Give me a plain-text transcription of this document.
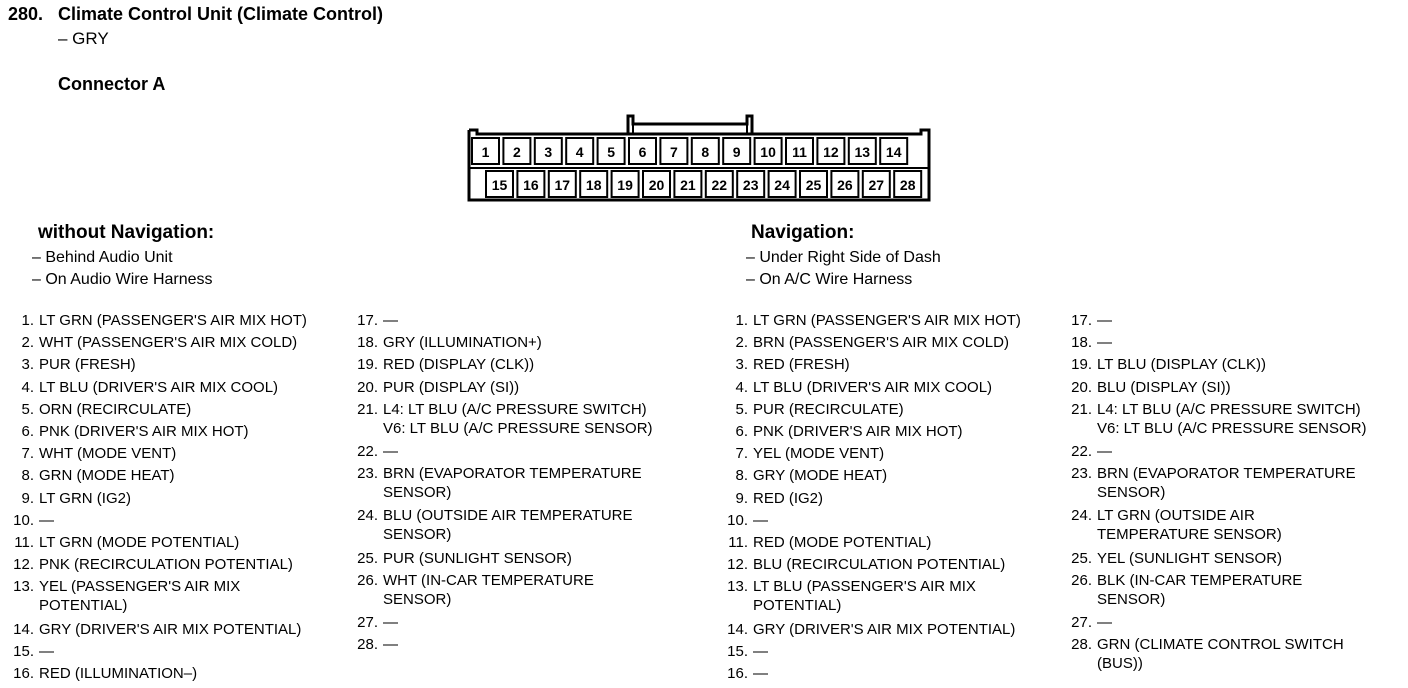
280. Climate Control Unit (Climate Control)
– GRY
Connector A
1 2 3 4 5 6 7 8 9 10 11 12 13 14
15 16 17 18 19 20 21 22 23 24 25 26 27 28
without Navigation:
– Behind Audio Unit
– On Audio Wire Harness
Navigation:
– Under Right Side of Dash
– On A/C Wire Harness
1. LT GRN (PASSENGER'S AIR MIX HOT)
2. WHT (PASSENGER'S AIR MIX COLD)
3. PUR (FRESH)
4. LT BLU (DRIVER'S AIR MIX COOL)
5. ORN (RECIRCULATE)
6. PNK (DRIVER'S AIR MIX HOT)
7. WHT (MODE VENT)
8. GRN (MODE HEAT)
9. LT GRN (IG2)
10. —
11. LT GRN (MODE POTENTIAL)
12. PNK (RECIRCULATION POTENTIAL)
13. YEL (PASSENGER'S AIR MIX
POTENTIAL)
14. GRY (DRIVER'S AIR MIX POTENTIAL)
15. —
16. RED (ILLUMINATION–)
17. —
18. GRY (ILLUMINATION+)
19. RED (DISPLAY (CLK))
20. PUR (DISPLAY (SI))
21. L4: LT BLU (A/C PRESSURE SWITCH)
V6: LT BLU (A/C PRESSURE SENSOR)
22. —
23. BRN (EVAPORATOR TEMPERATURE
SENSOR)
24. BLU (OUTSIDE AIR TEMPERATURE
SENSOR)
25. PUR (SUNLIGHT SENSOR)
26. WHT (IN-CAR TEMPERATURE
SENSOR)
27. —
28. —
1. LT GRN (PASSENGER'S AIR MIX HOT)
2. BRN (PASSENGER'S AIR MIX COLD)
3. RED (FRESH)
4. LT BLU (DRIVER'S AIR MIX COOL)
5. PUR (RECIRCULATE)
6. PNK (DRIVER'S AIR MIX HOT)
7. YEL (MODE VENT)
8. GRY (MODE HEAT)
9. RED (IG2)
10. —
11. RED (MODE POTENTIAL)
12. BLU (RECIRCULATION POTENTIAL)
13. LT BLU (PASSENGER'S AIR MIX
POTENTIAL)
14. GRY (DRIVER'S AIR MIX POTENTIAL)
15. —
16. —
17. —
18. —
19. LT BLU (DISPLAY (CLK))
20. BLU (DISPLAY (SI))
21. L4: LT BLU (A/C PRESSURE SWITCH)
V6: LT BLU (A/C PRESSURE SENSOR)
22. —
23. BRN (EVAPORATOR TEMPERATURE
SENSOR)
24. LT GRN (OUTSIDE AIR
TEMPERATURE SENSOR)
25. YEL (SUNLIGHT SENSOR)
26. BLK (IN-CAR TEMPERATURE
SENSOR)
27. —
28. GRN (CLIMATE CONTROL SWITCH
(BUS))
